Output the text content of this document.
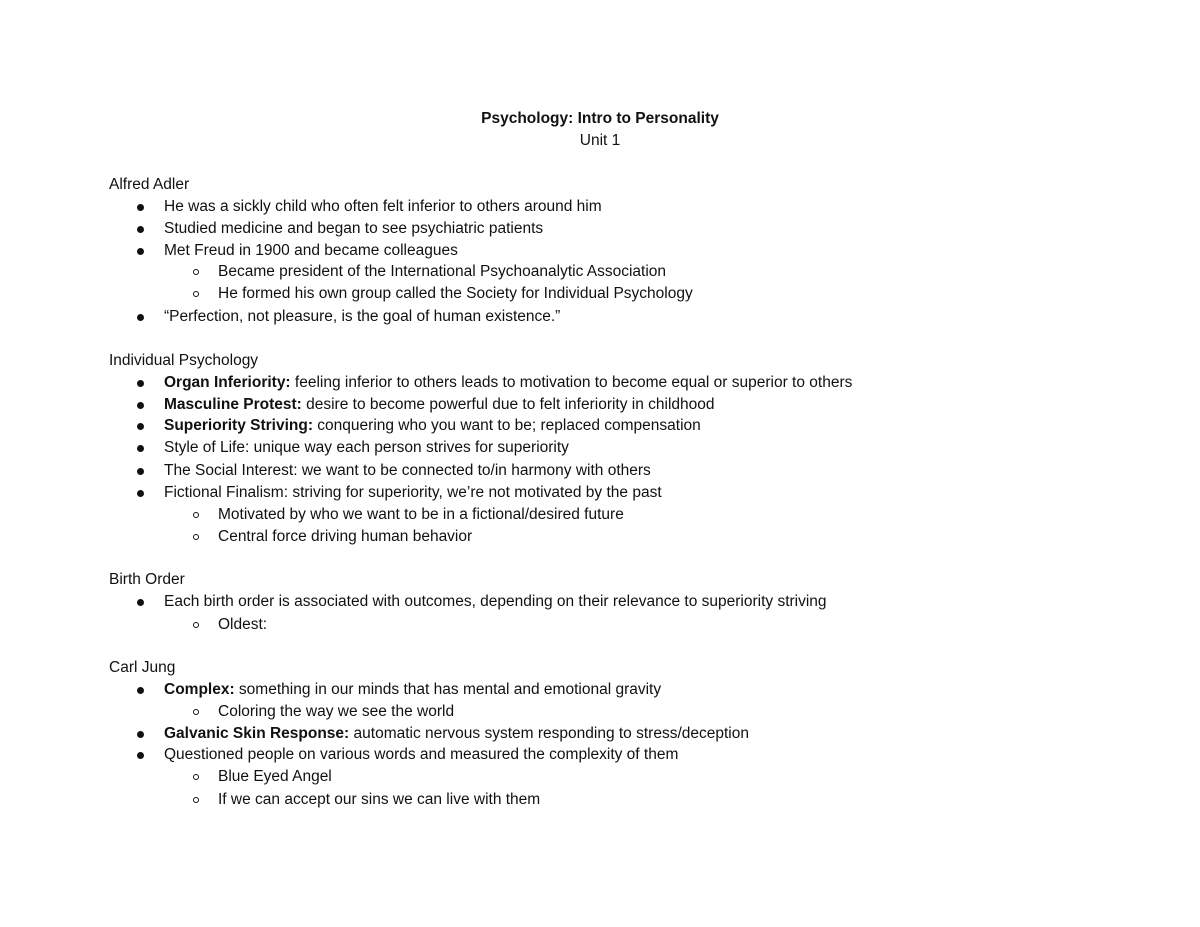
Psychology: Intro to Personality
Unit 1
Alfred Adler
He was a sickly child who often felt inferior to others around him
Studied medicine and began to see psychiatric patients
Met Freud in 1900 and became colleagues
Became president of the International Psychoanalytic Association
He formed his own group called the Society for Individual Psychology
“Perfection, not pleasure, is the goal of human existence.”
Individual Psychology
Organ Inferiority: feeling inferior to others leads to motivation to become equal or superior to others
Masculine Protest: desire to become powerful due to felt inferiority in childhood
Superiority Striving: conquering who you want to be; replaced compensation
Style of Life: unique way each person strives for superiority
The Social Interest: we want to be connected to/in harmony with others
Fictional Finalism: striving for superiority, we’re not motivated by the past
Motivated by who we want to be in a fictional/desired future
Central force driving human behavior
Birth Order
Each birth order is associated with outcomes, depending on their relevance to superiority striving
Oldest:
Carl Jung
Complex: something in our minds that has mental and emotional gravity
Coloring the way we see the world
Galvanic Skin Response: automatic nervous system responding to stress/deception
Questioned people on various words and measured the complexity of them
Blue Eyed Angel
If we can accept our sins we can live with them
